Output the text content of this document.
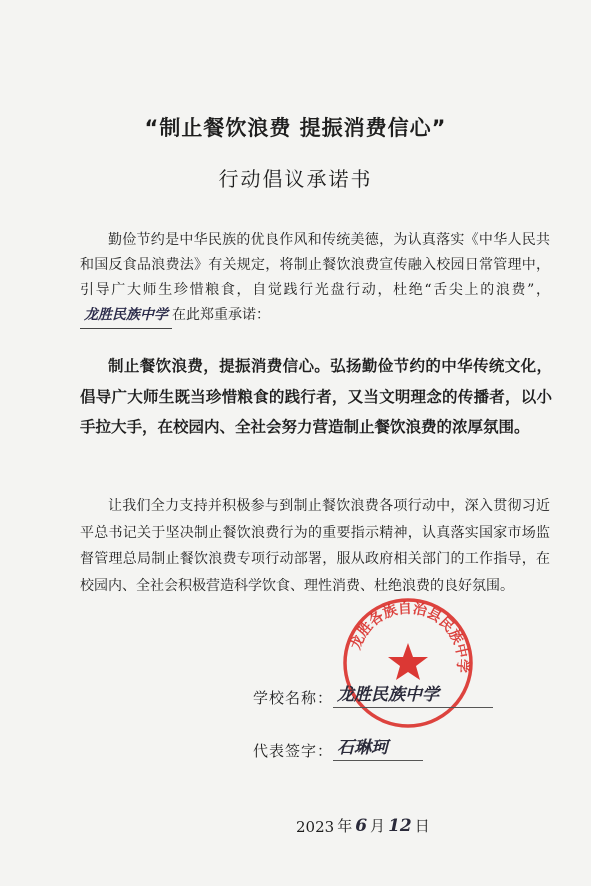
“制止餐饮浪费 提振消费信心”
行动倡议承诺书

勤俭节约是中华民族的优良作风和传统美德，为认真落实《中华人民共和国反食品浪费法》有关规定，将制止餐饮浪费宣传融入校园日常管理中，引导广大师生珍惜粮食，自觉践行光盘行动，杜绝“舌尖上的浪费”，龙胜民族中学 在此郑重承诺：

制止餐饮浪费，提振消费信心。弘扬勤俭节约的中华传统文化，倡导广大师生既当珍惜粮食的践行者，又当文明理念的传播者，以小手拉大手，在校园内、全社会努力营造制止餐饮浪费的浓厚氛围。

让我们全力支持并积极参与到制止餐饮浪费各项行动中，深入贯彻习近平总书记关于坚决制止餐饮浪费行为的重要指示精神，认真落实国家市场监督管理总局制止餐饮浪费专项行动部署，服从政府相关部门的工作指导，在校园内、全社会积极营造科学饮食、理性消费、杜绝浪费的良好氛围。

龙胜各族自治县民族中学
学校名称： 龙胜民族中学
代表签字： 石琳珂
2023 年 6 月 12 日
